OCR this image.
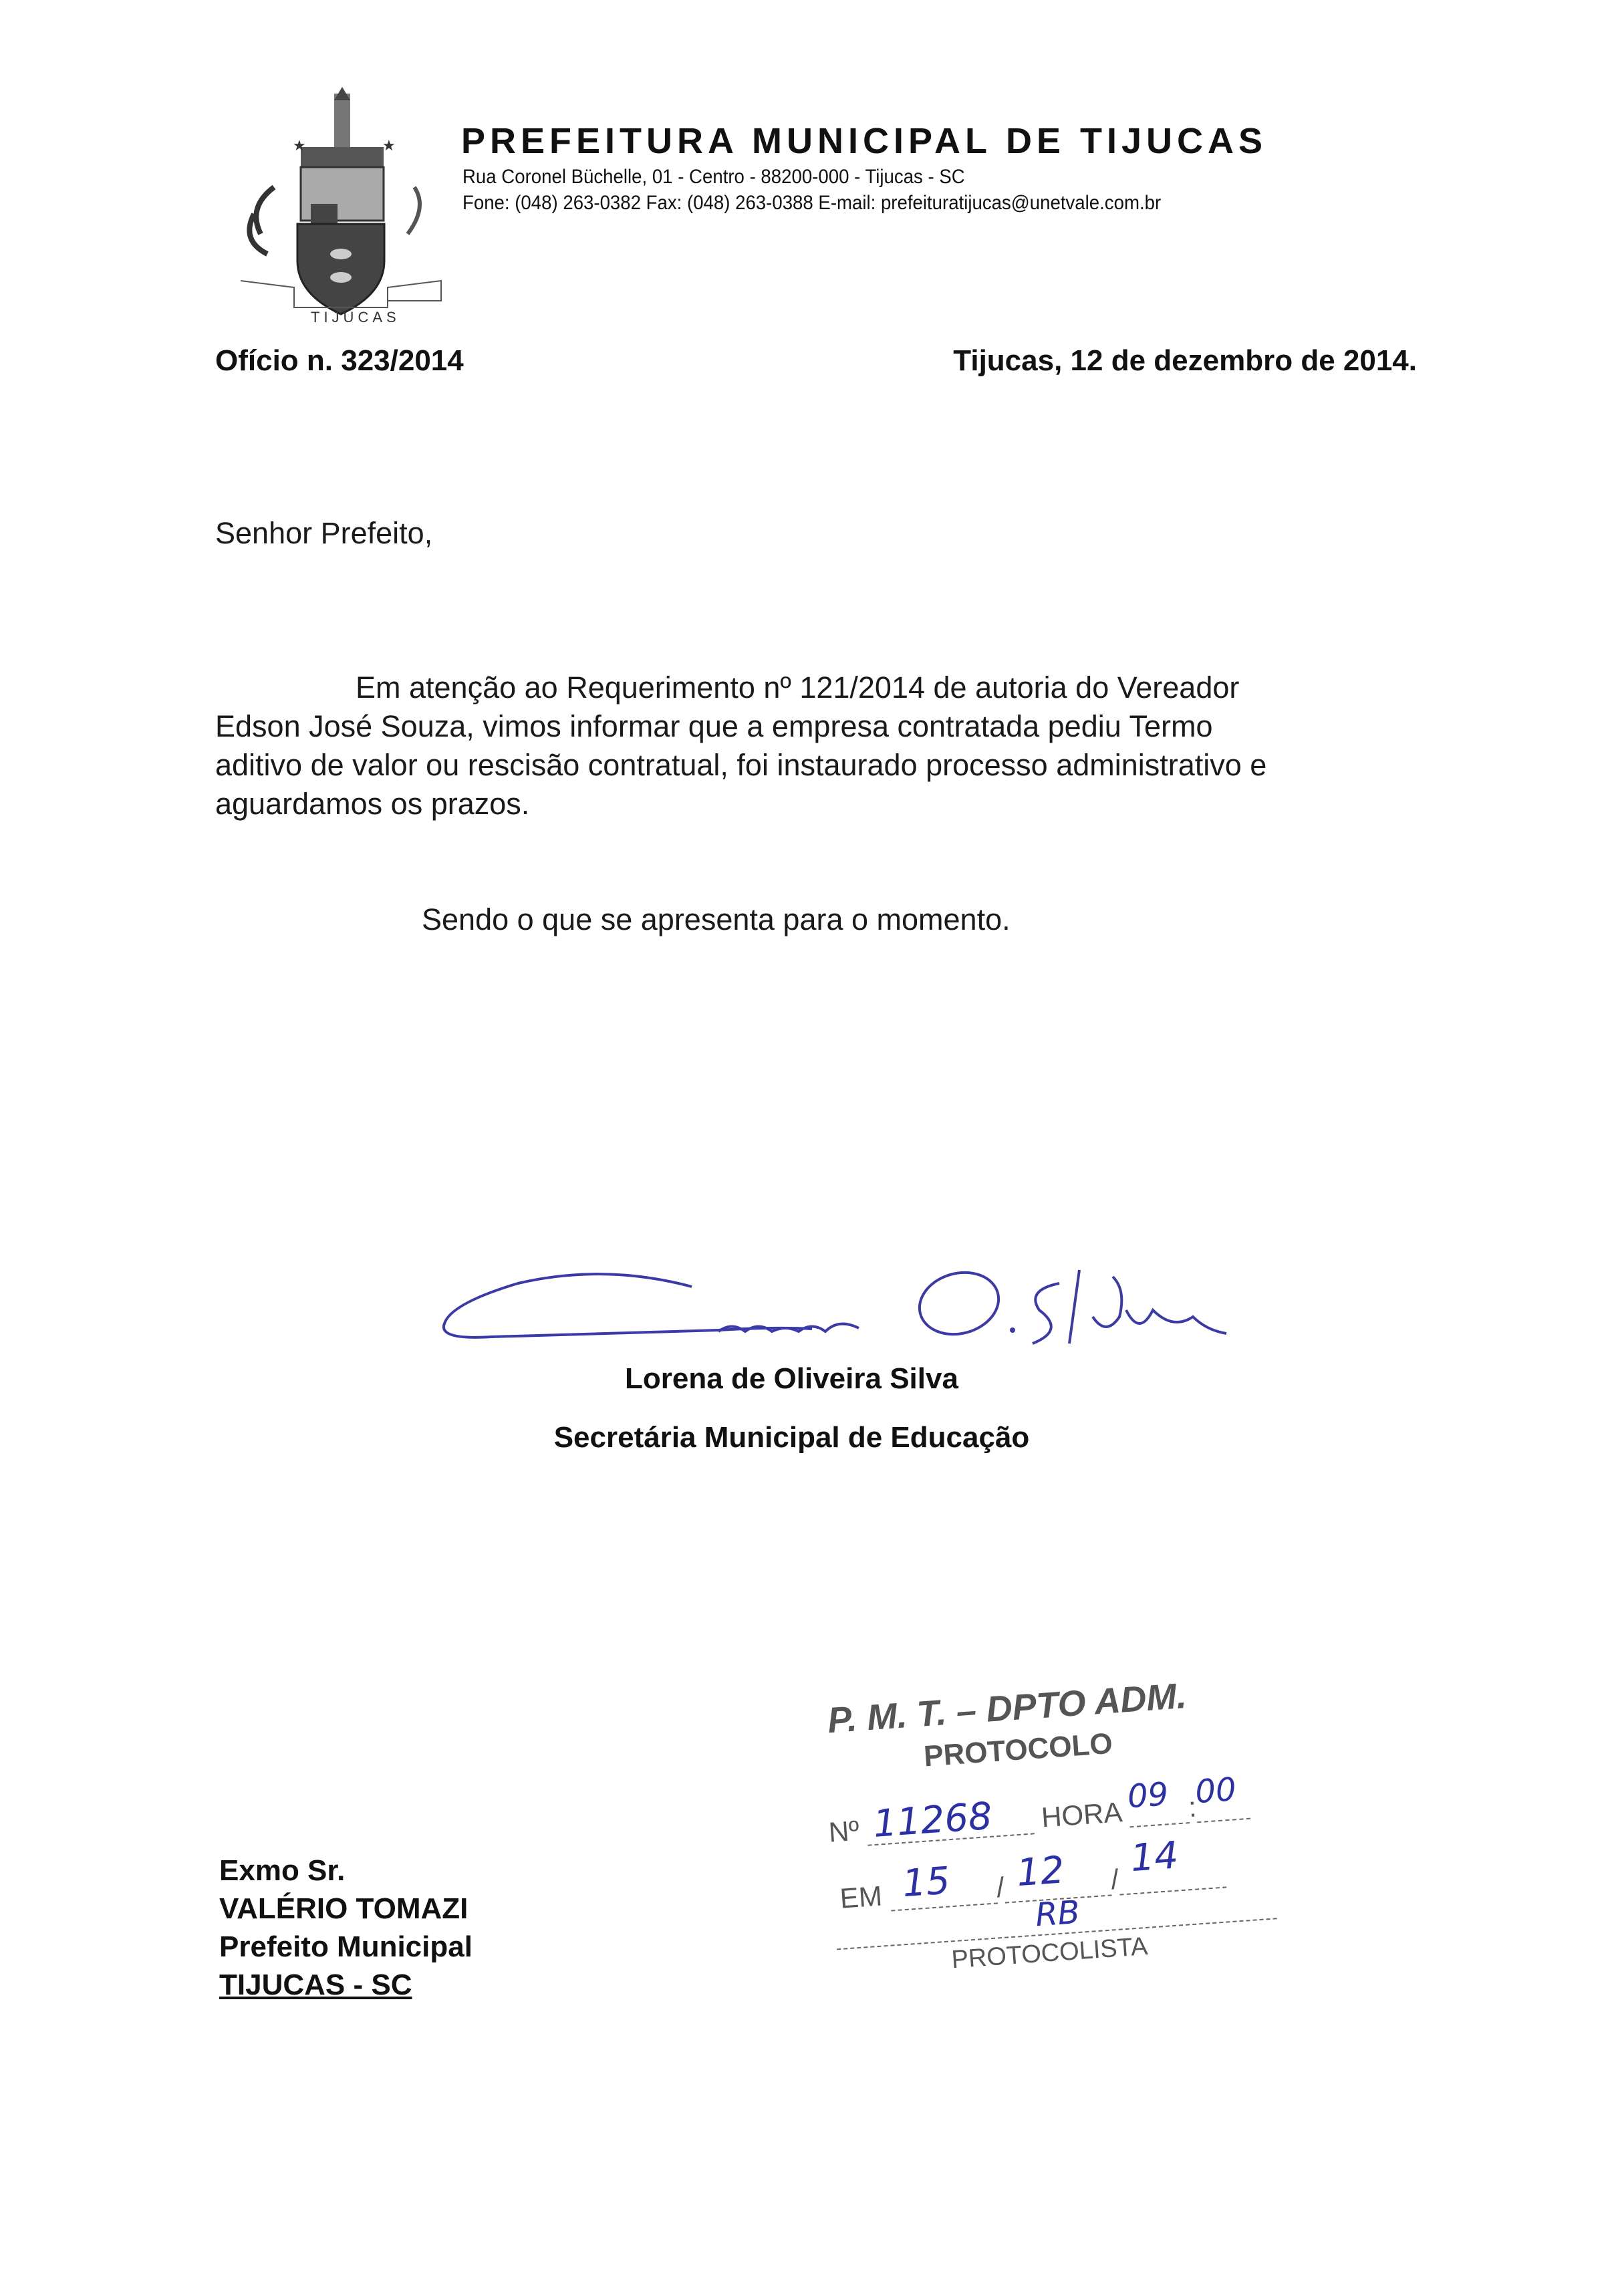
★	★
TIJUCAS
PREFEITURA MUNICIPAL DE TIJUCAS
Rua Coronel Büchelle, 01 - Centro - 88200-000 - Tijucas - SC
Fone: (048) 263-0382 Fax: (048) 263-0388 E-mail: prefeituratijucas@unetvale.com.br
Ofício n. 323/2014	Tijucas, 12 de dezembro de 2014.
Senhor Prefeito,
Em atenção ao Requerimento nº 121/2014 de autoria do Vereador
Edson José Souza, vimos informar que a empresa contratada pediu Termo
aditivo de valor ou rescisão contratual, foi instaurado processo administrativo e
aguardamos os prazos.
Sendo o que se apresenta para o momento.
Lorena de Oliveira Silva
Secretária Municipal de Educação
P. M. T. – DPTO ADM.
PROTOCOLO
Nº 11268 HORA 09 :
00
EM 15 / 12 / 14
RB
PROTOCOLISTA
Exmo Sr.
VALÉRIO TOMAZI
Prefeito Municipal
TIJUCAS - SC
